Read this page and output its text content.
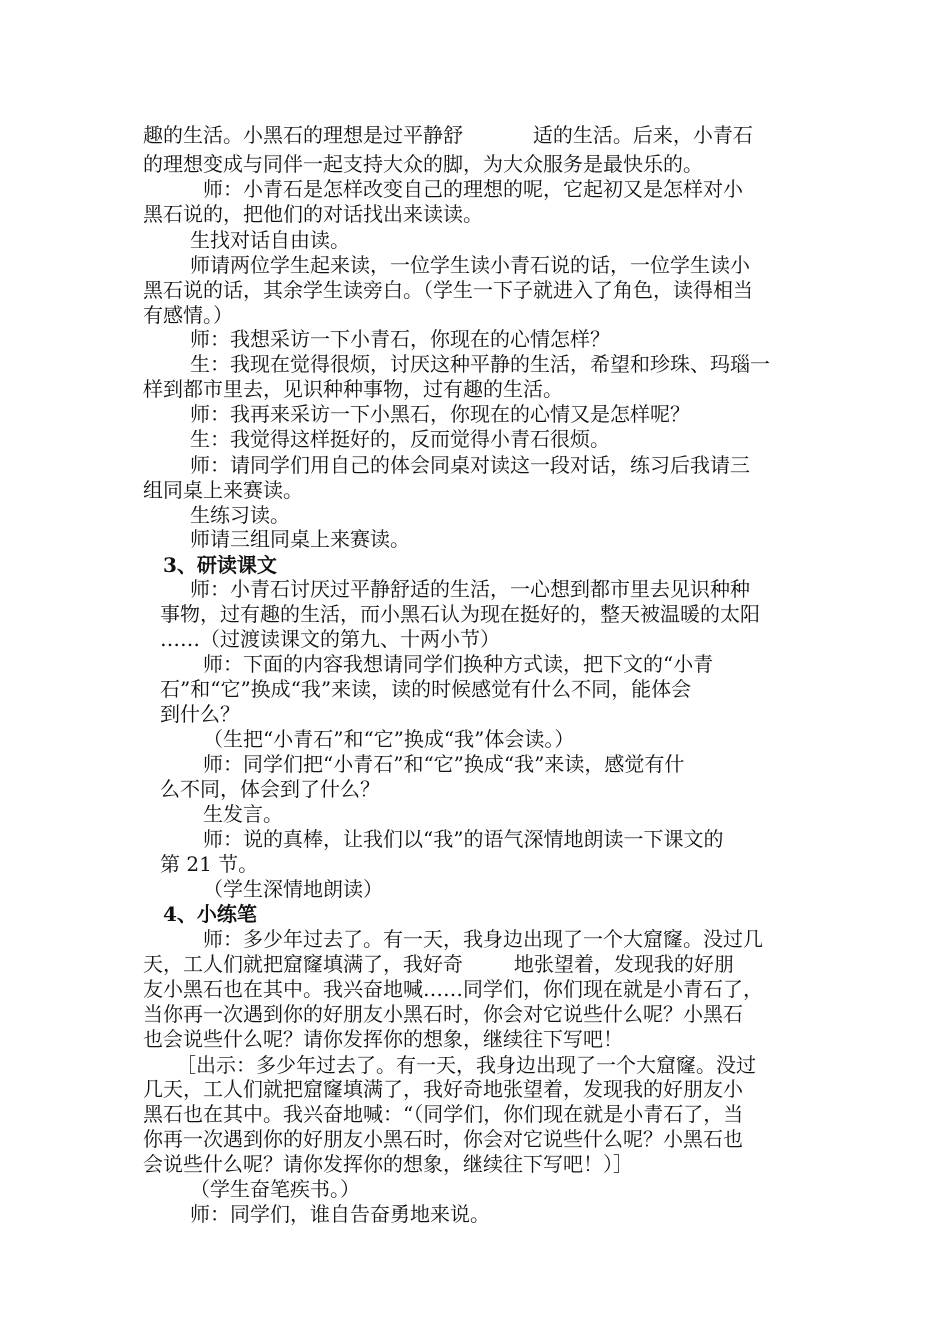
趣的生活。小黑石的理想是过平静舒           适的生活。后来，小青石
的理想变成与同伴一起支持大众的脚，为大众服务是最快乐的。
师：小青石是怎样改变自己的理想的呢，它起初又是怎样对小
黑石说的，把他们的对话找出来读读。
生找对话自由读。
师请两位学生起来读，一位学生读小青石说的话，一位学生读小
黑石说的话，其余学生读旁白。（学生一下子就进入了角色，读得相当
有感情。）
师：我想采访一下小青石，你现在的心情怎样？
生：我现在觉得很烦，讨厌这种平静的生活，希望和珍珠、玛瑙一
样到都市里去，见识种种事物，过有趣的生活。
师：我再来采访一下小黑石，你现在的心情又是怎样呢？
生：我觉得这样挺好的，反而觉得小青石很烦。
师：请同学们用自己的体会同桌对读这一段对话，练习后我请三
组同桌上来赛读。
生练习读。
师请三组同桌上来赛读。
3、研读课文
师：小青石讨厌过平静舒适的生活，一心想到都市里去见识种种
事物，过有趣的生活，而小黑石认为现在挺好的，整天被温暖的太阳
……（过渡读课文的第九、十两小节）
师：下面的内容我想请同学们换种方式读，把下文的“小青
石”和“它”换成“我”来读，读的时候感觉有什么不同，能体会
到什么？
（生把“小青石”和“它”换成“我”体会读。）
师：同学们把“小青石”和“它”换成“我”来读，感觉有什
么不同，体会到了什么？
生发言。
师：说的真棒，让我们以“我”的语气深情地朗读一下课文的
第 21 节。
（学生深情地朗读）
4、小练笔
师：多少年过去了。有一天，我身边出现了一个大窟窿。没过几
天，工人们就把窟窿填满了，我好奇        地张望着，发现我的好朋
友小黑石也在其中。我兴奋地喊……同学们，你们现在就是小青石了，
当你再一次遇到你的好朋友小黑石时，你会对它说些什么呢？小黑石
也会说些什么呢？请你发挥你的想象，继续往下写吧！
［出示：多少年过去了。有一天，我身边出现了一个大窟窿。没过
几天，工人们就把窟窿填满了，我好奇地张望着，发现我的好朋友小
黑石也在其中。我兴奋地喊：“（同学们，你们现在就是小青石了，当
你再一次遇到你的好朋友小黑石时，你会对它说些什么呢？小黑石也
会说些什么呢？请你发挥你的想象，继续往下写吧！）］
（学生奋笔疾书。）
师：同学们，谁自告奋勇地来说。
